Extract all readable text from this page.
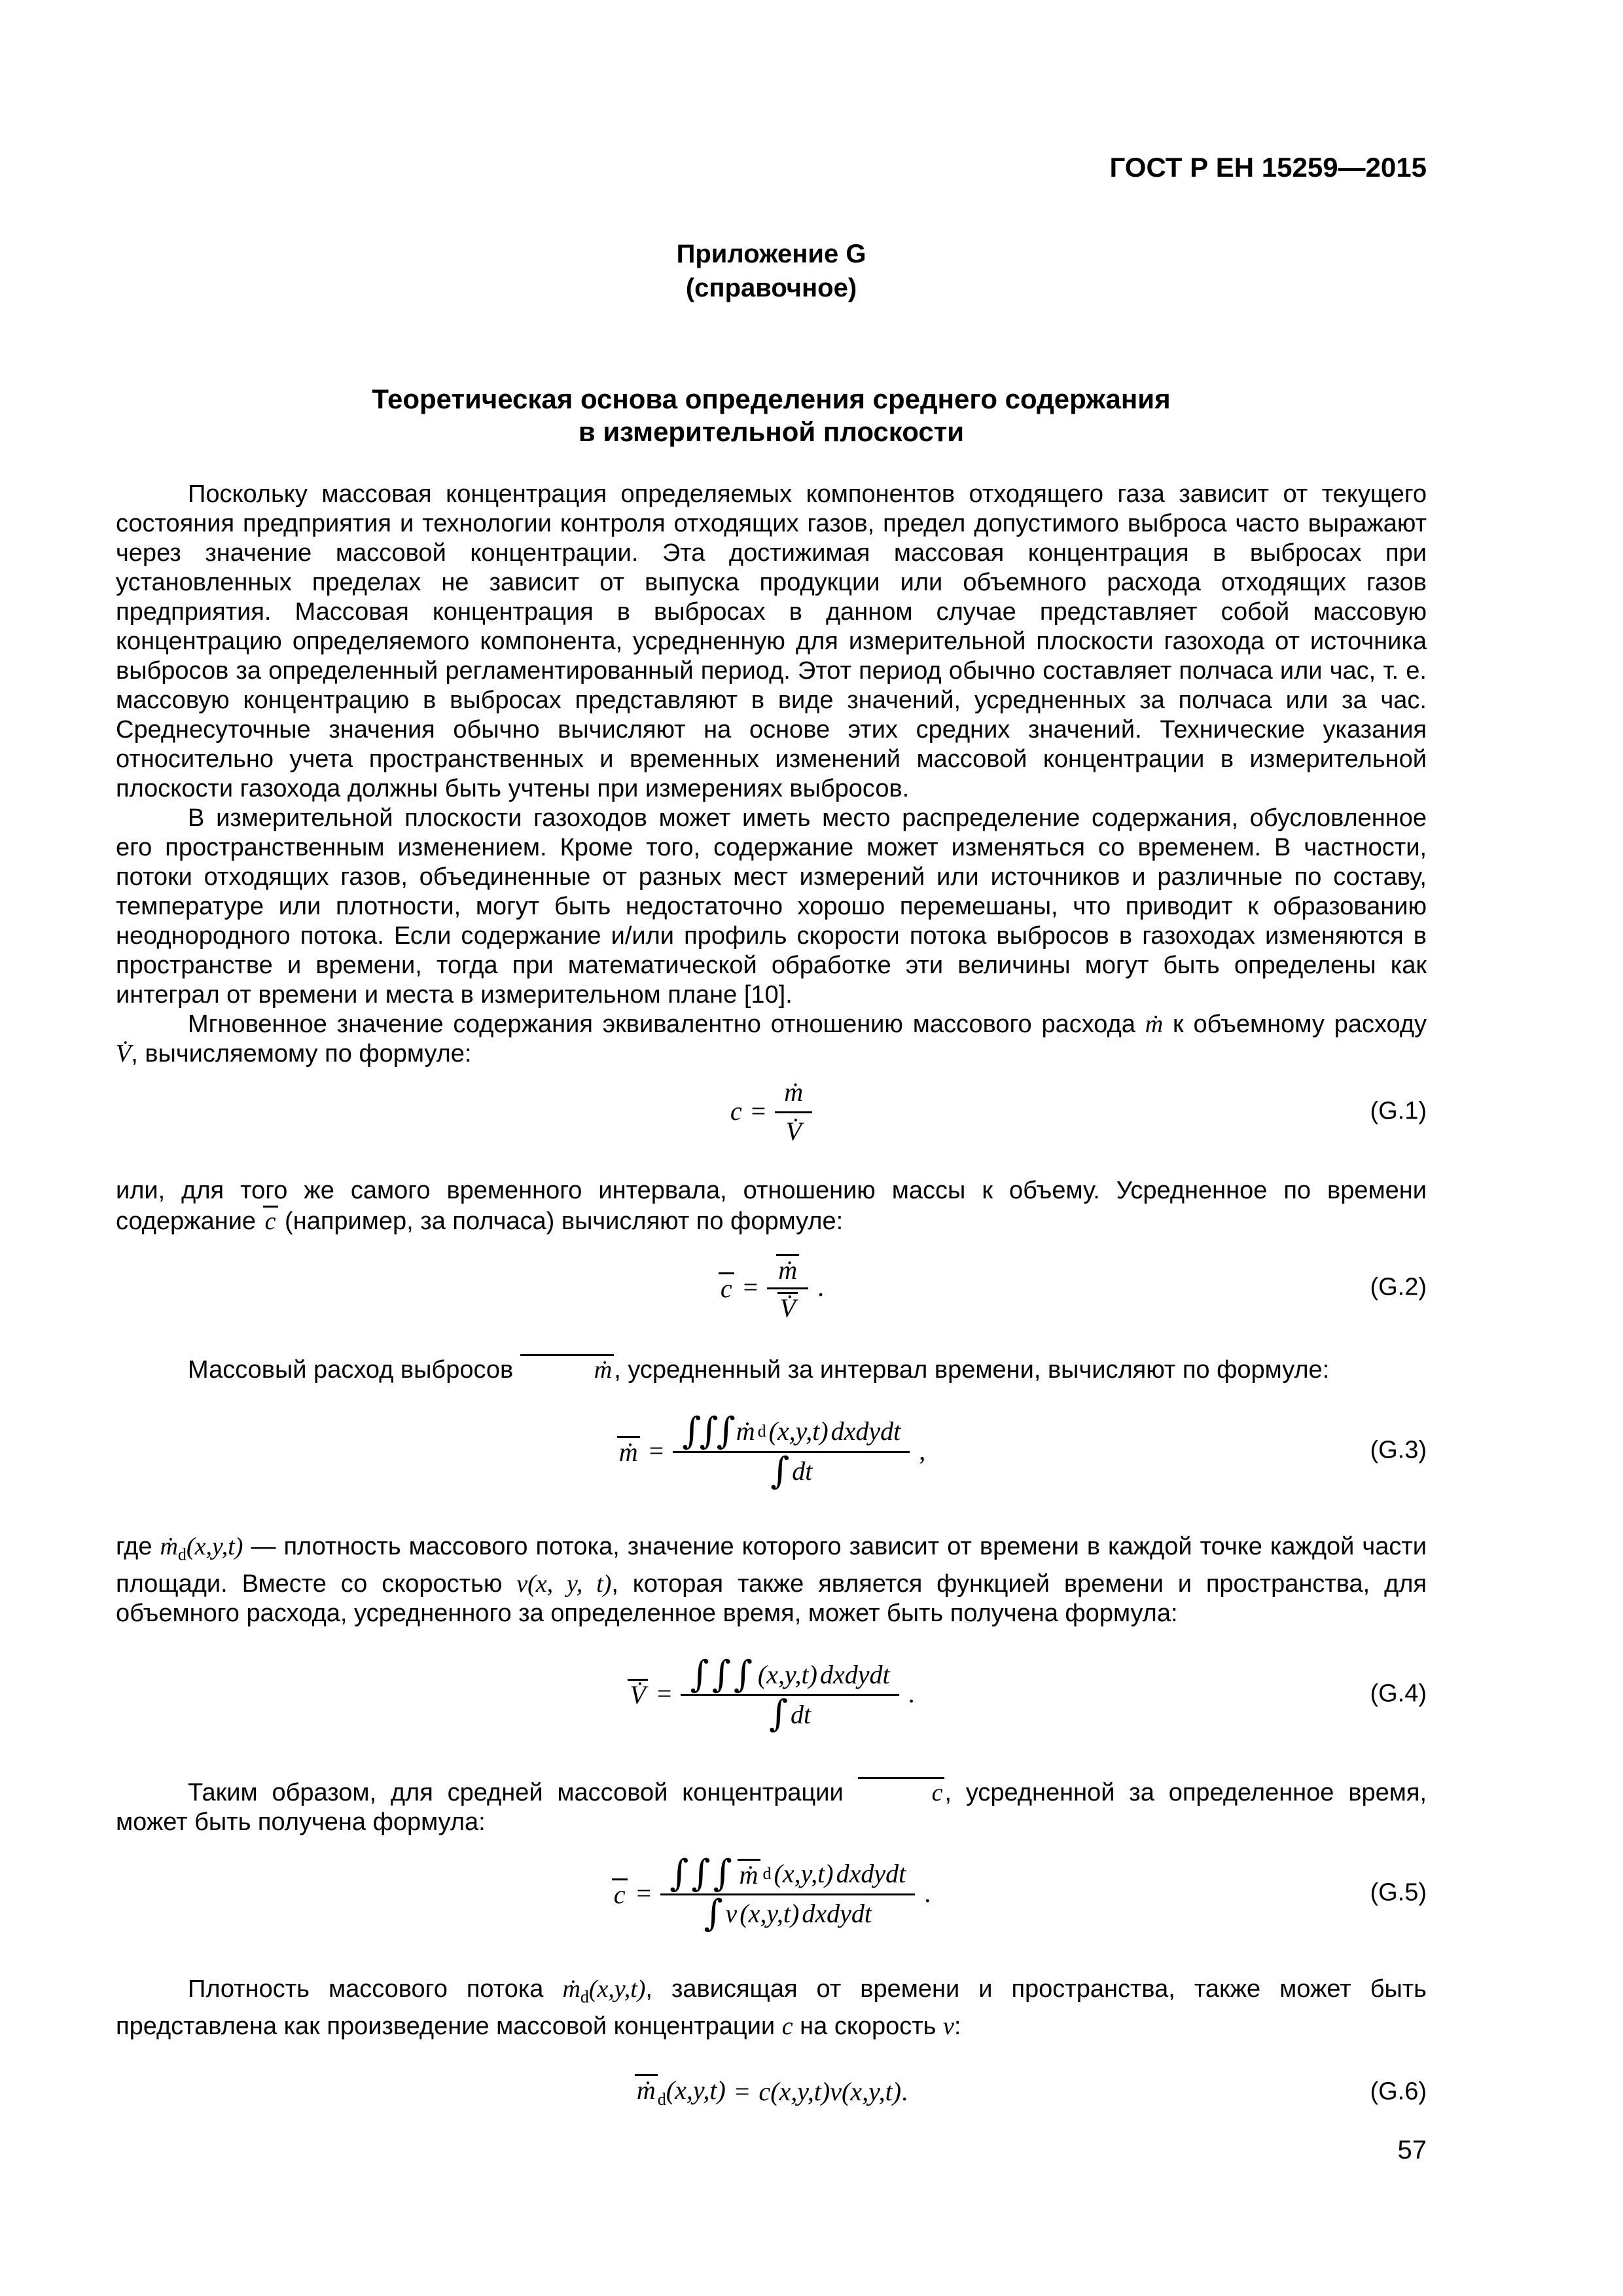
ГОСТ Р ЕН 15259—2015

Приложение G
(справочное)

Теоретическая основа определения среднего содержания
в измерительной плоскости

Поскольку массовая концентрация определяемых компонентов отходящего газа зависит от текущего состояния предприятия и технологии контроля отходящих газов, предел допустимого выброса часто выражают через значение массовой концентрации. Эта достижимая массовая концентрация в выбросах при установленных пределах не зависит от выпуска продукции или объемного расхода отходящих газов предприятия. Массовая концентрация в выбросах в данном случае представляет собой массовую концентрацию определяемого компонента, усредненную для измерительной плоскости газохода от источника выбросов за определенный регламентированный период. Этот период обычно составляет полчаса или час, т. е. массовую концентрацию в выбросах представляют в виде значений, усредненных за полчаса или за час. Среднесуточные значения обычно вычисляют на основе этих средних значений. Технические указания относительно учета пространственных и временных изменений массовой концентрации в измерительной плоскости газохода должны быть учтены при измерениях выбросов.

В измерительной плоскости газоходов может иметь место распределение содержания, обусловленное его пространственным изменением. Кроме того, содержание может изменяться со временем. В частности, потоки отходящих газов, объединенные от разных мест измерений или источников и различные по составу, температуре или плотности, могут быть недостаточно хорошо перемешаны, что приводит к образованию неоднородного потока. Если содержание и/или профиль скорости потока выбросов в газоходах изменяются в пространстве и времени, тогда при математической обработке эти величины могут быть определены как интеграл от времени и места в измерительном плане [10].

Мгновенное значение содержания эквивалентно отношению массового расхода ṁ к объемному расходу V̇, вычисляемому по формуле:

$c = \frac{\text{ṁ}}{V̇}$	(G.1)

или, для того же самого временного интервала, отношению массы к объему. Усредненное по времени содержание c (например, за полчаса) вычисляют по формуле:

$c = \frac{\text{ṁ}}{V̇}$ .	(G.2)

Массовый расход выбросов	ṁ, усредненный за интервал времени, вычисляют по формуле:

ṁ = $\frac{\text{∫∫∫ ṁ d (x,y,t) dxdydt}}{\int dt}$ ,	(G.3)

где ṁ$_d$(x,y,t) — плотность массового потока, значение которого зависит от времени в каждой точке каждой части площади. Вместе со скоростью v(x, y, t), которая также является функцией времени и пространства, для объемного расхода, усредненного за определенное время, может быть получена формула:

V̇ = $\frac{\text{∫∫∫ (x,y,t) dxdydt}}{\int dt}$ .	(G.4)

Таким образом, для средней массовой концентрации	c, усредненной за определенное время, может быть получена формула:

$c = \frac{\text{∫∫∫ ṁ d (x,y,t) dxdydt}}{\text{∫ ν (x,y,t) dxdydt}}$ .	(G.5)

Плотность массового потока ṁ$_d$(x,y,t), зависящая от времени и пространства, также может быть представлена как произведение массовой концентрации c на скорость v:

ṁ $_d$(x,y,t) = c(x,y,t)ν(x,y,t).	(G.6)

57
